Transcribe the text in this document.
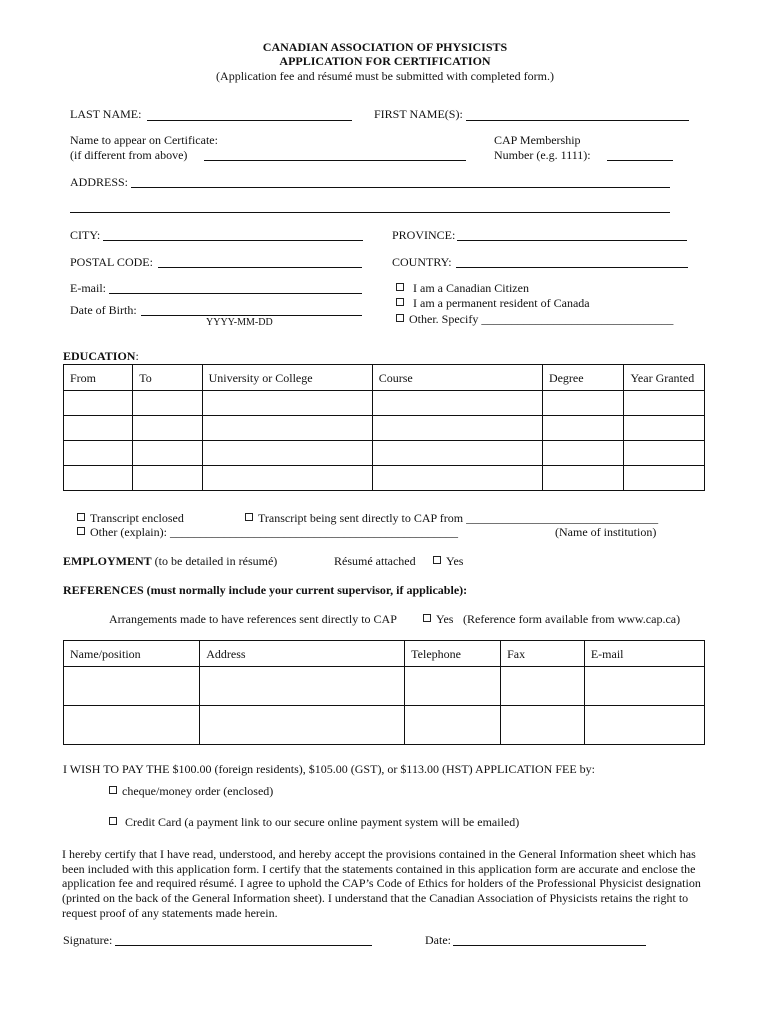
CANADIAN ASSOCIATION OF PHYSICISTS
APPLICATION FOR CERTIFICATION
(Application fee and résumé must be submitted with completed form.)
LAST NAME:	FIRST NAME(S):
Name to appear on Certificate:
(if different from above)
CAP Membership
Number (e.g. 1111):
ADDRESS:
CITY:	PROVINCE:
POSTAL CODE:	COUNTRY:
E-mail:
Date of Birth:
YYYY-MM-DD
I am a Canadian Citizen
I am a permanent resident of Canada
Other. Specify ________________________________
EDUCATION:
From	To	University or College	Course	Degree	Year Granted

Transcript enclosed	Transcript being sent directly to CAP from ________________________________
Other (explain): ________________________________________________	(Name of institution)
EMPLOYMENT (to be detailed in résumé)	Résumé attached	Yes
REFERENCES (must normally include your current supervisor, if applicable):
Arrangements made to have references sent directly to CAP	Yes (Reference form available from www.cap.ca)
Name/position	Address	Telephone	Fax	E-mail

I WISH TO PAY THE $100.00 (foreign residents), $105.00 (GST), or $113.00 (HST) APPLICATION FEE by:
cheque/money order (enclosed)
Credit Card (a payment link to our secure online payment system will be emailed)
I hereby certify that I have read, understood, and hereby accept the provisions contained in the General Information sheet which has been included with this application form. I certify that the statements contained in this application form are accurate and enclose the application fee and required résumé. I agree to uphold the CAP’s Code of Ethics for holders of the Professional Physicist designation (printed on the back of the General Information sheet). I understand that the Canadian Association of Physicists retains the right to request proof of any statements made herein.
Signature:	Date:
